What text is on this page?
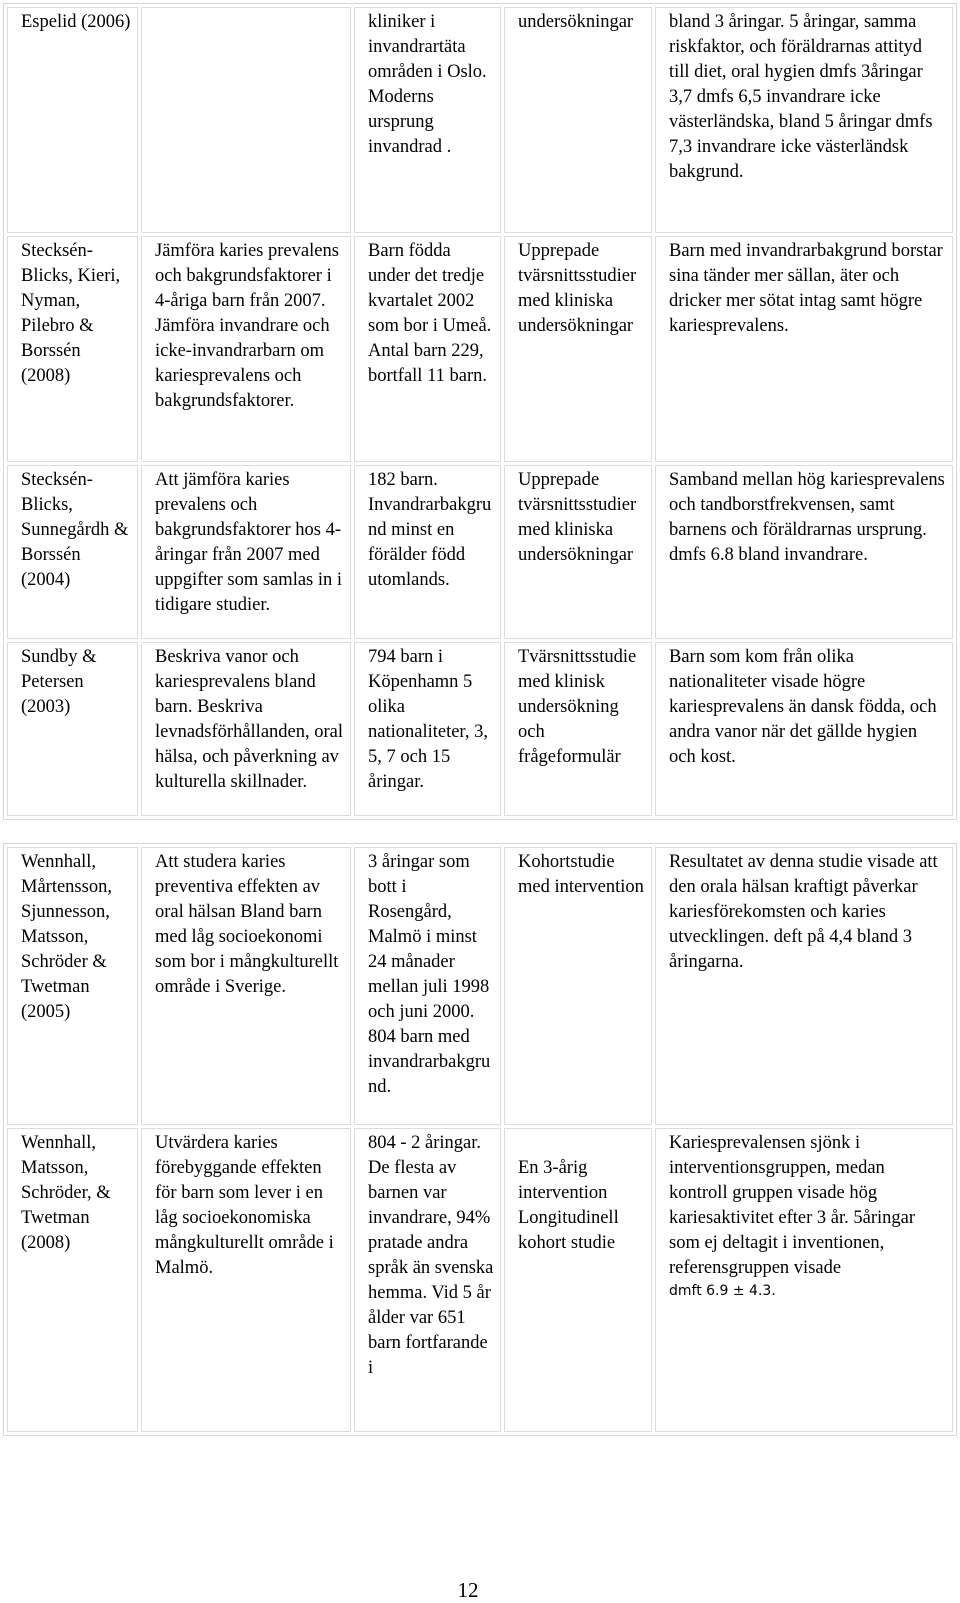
Espelid (2006)		kliniker i invandrartäta områden i Oslo. Moderns ursprung invandrad .	undersökningar	bland 3 åringar. 5 åringar, samma riskfaktor, och föräldrarnas attityd till diet, oral hygien dmfs 3åringar 3,7 dmfs 6,5 invandrare icke västerländska, bland 5 åringar dmfs 7,3 invandrare icke västerländsk bakgrund.
Stecksén-Blicks, Kieri, Nyman, Pilebro & Borssén (2008)	Jämföra karies prevalens och bakgrundsfaktorer i 4-åriga barn från 2007. Jämföra invandrare och icke-invandrarbarn om kariesprevalens och bakgrundsfaktorer.	Barn födda under det tredje kvartalet 2002 som bor i Umeå. Antal barn 229, bortfall 11 barn.	Upprepade tvärsnittsstudier med kliniska undersökningar	Barn med invandrarbakgrund borstar sina tänder mer sällan, äter och dricker mer sötat intag samt högre kariesprevalens.
Stecksén-Blicks, Sunnegårdh & Borssén (2004)	Att jämföra karies prevalens och bakgrundsfaktorer hos 4-åringar från 2007 med uppgifter som samlas in i tidigare studier.	182 barn. Invandrarbakgrund minst en förälder född utomlands.	Upprepade tvärsnittsstudier med kliniska undersökningar	Samband mellan hög kariesprevalens och tandborstfrekvensen, samt barnens och föräldrarnas ursprung. dmfs 6.8 bland invandrare.
Sundby & Petersen (2003)	Beskriva vanor och kariesprevalens bland barn. Beskriva levnadsförhållanden, oral hälsa, och påverkning av kulturella skillnader.	794 barn i Köpenhamn 5 olika nationaliteter, 3, 5, 7 och 15 åringar.	Tvärsnittsstudie med klinisk undersökning och frågeformulär	Barn som kom från olika nationaliteter visade högre kariesprevalens än dansk födda, och andra vanor när det gällde hygien och kost.
Wennhall, Mårtensson, Sjunnesson, Matsson, Schröder & Twetman (2005)	Att studera karies preventiva effekten av oral hälsan Bland barn med låg socioekonomi som bor i mångkulturellt område i Sverige.	3 åringar som bott i Rosengård, Malmö i minst 24 månader mellan juli 1998 och juni 2000. 804 barn med invandrarbakgrund.	Kohortstudie med intervention	Resultatet av denna studie visade att den orala hälsan kraftigt påverkar kariesförekomsten och karies utvecklingen. deft på 4,4 bland 3 åringarna.
Wennhall, Matsson, Schröder, & Twetman (2008)	Utvärdera karies förebyggande effekten för barn som lever i en låg socioekonomiska mångkulturellt område i Malmö.	804 - 2 åringar. De flesta av barnen var invandrare, 94% pratade andra språk än svenska hemma. Vid 5 år ålder var 651 barn fortfarande i	En 3-årig intervention Longitudinell kohort studie	Kariesprevalensen sjönk i interventionsgruppen, medan kontroll gruppen visade hög kariesaktivitet efter 3 år. 5åringar som ej deltagit i inventionen, referensgruppen visade
dmft 6.9 ± 4.3.
12
